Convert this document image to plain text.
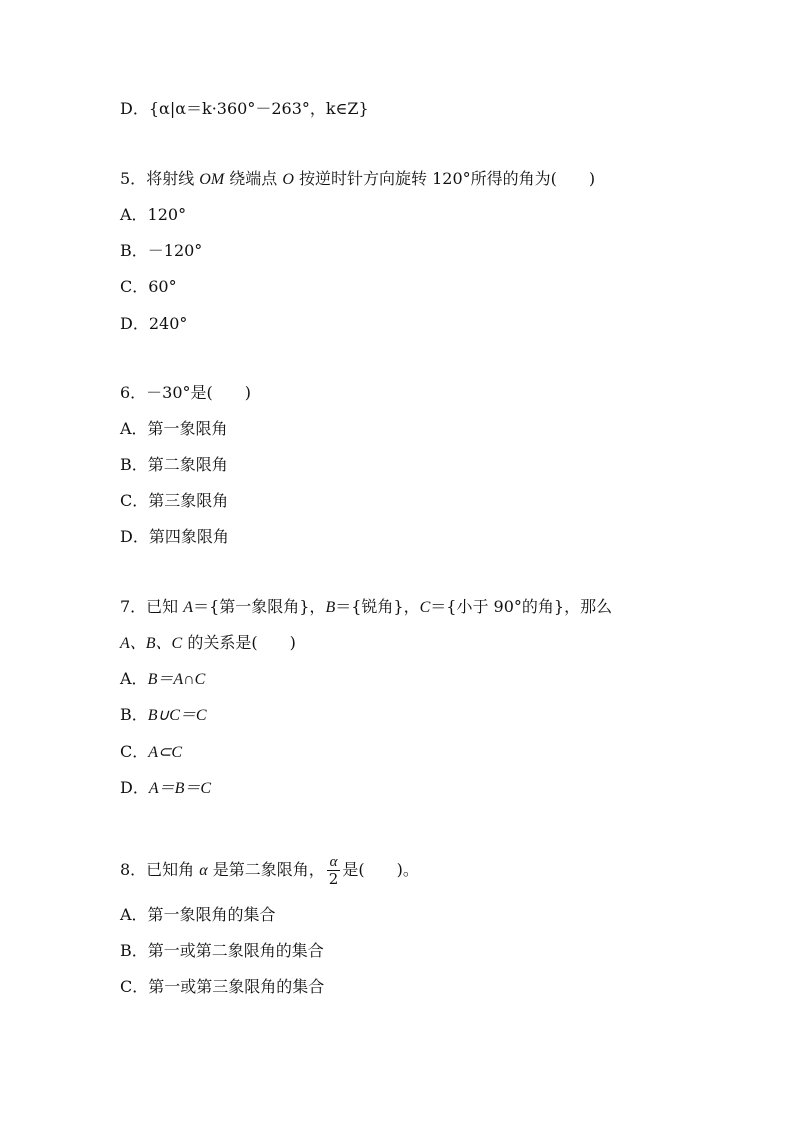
D．{α|α＝k·360°－263°，k∈Z}
5．将射线 OM 绕端点 O 按逆时针方向旋转 120°所得的角为(　　)
A．120°
B．－120°
C．60°
D．240°
6．－30°是(　　)
A．第一象限角
B．第二象限角
C．第三象限角
D．第四象限角
7．已知 A＝{第一象限角}，B＝{锐角}，C＝{小于 90°的角}，那么
A、B、C 的关系是(　　)
A．B＝A∩C
B．B∪C＝C
C．A⊂C
D．A＝B＝C
8．已知角 α 是第二象限角， $\frac{\alpha}{2}$ 是(　　)。
A．第一象限角的集合
B．第一或第二象限角的集合
C．第一或第三象限角的集合
